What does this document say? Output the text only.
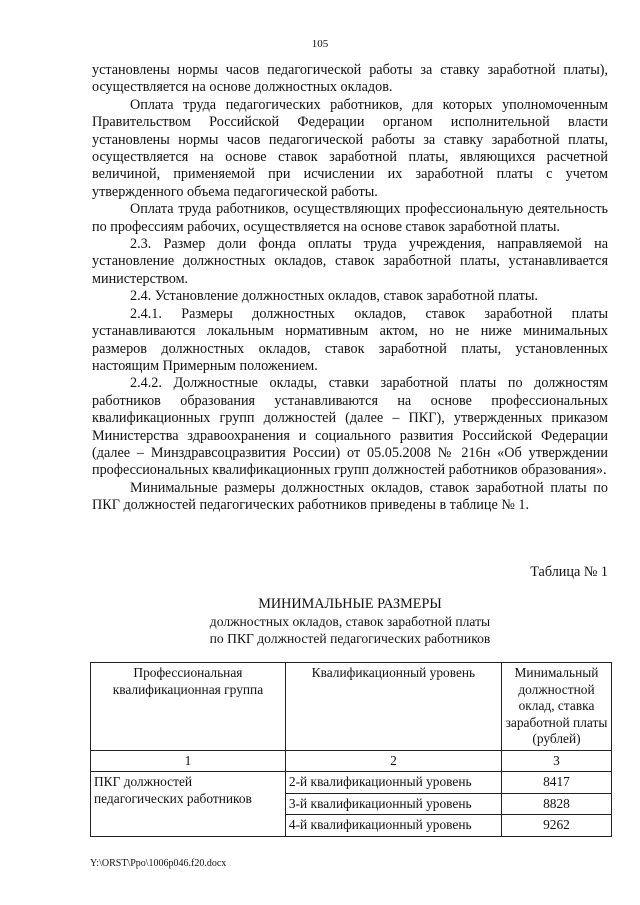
105

установлены нормы часов педагогической работы за ставку заработной платы), осуществляется на основе должностных окладов.

Оплата труда педагогических работников, для которых уполномоченным Правительством Российской Федерации органом исполнительной власти установлены нормы часов педагогической работы за ставку заработной платы, осуществляется на основе ставок заработной платы, являющихся расчетной величиной, применяемой при исчислении их заработной платы с учетом утвержденного объема педагогической работы.

Оплата труда работников, осуществляющих профессиональную деятельность по профессиям рабочих, осуществляется на основе ставок заработной платы.

2.3. Размер доли фонда оплаты труда учреждения, направляемой на установление должностных окладов, ставок заработной платы, устанавливается министерством.

2.4. Установление должностных окладов, ставок заработной платы.

2.4.1. Размеры должностных окладов, ставок заработной платы устанавливаются локальным нормативным актом, но не ниже минимальных размеров должностных окладов, ставок заработной платы, установленных настоящим Примерным положением.

2.4.2. Должностные оклады, ставки заработной платы по должностям работников образования устанавливаются на основе профессиональных квалификационных групп должностей (далее – ПКГ), утвержденных приказом Министерства здравоохранения и социального развития Российской Федерации (далее – Минздравсоцразвития России) от 05.05.2008 № 216н «Об утверждении профессиональных квалификационных групп должностей работников образования».

Минимальные размеры должностных окладов, ставок заработной платы по ПКГ должностей педагогических работников приведены в таблице № 1.

Таблица № 1
МИНИМАЛЬНЫЕ РАЗМЕРЫ
должностных окладов, ставок заработной платы
по ПКГ должностей педагогических работников
Профессиональная квалификационная группа	Квалификационный уровень	Минимальный должностной оклад, ставка заработной платы (рублей)
1	2	3
ПКГ должностей педагогических работников	2-й квалификационный уровень	8417
	3-й квалификационный уровень	8828
	4-й квалификационный уровень	9262
Y:\ORST\Ppo\1006p046.f20.docx
